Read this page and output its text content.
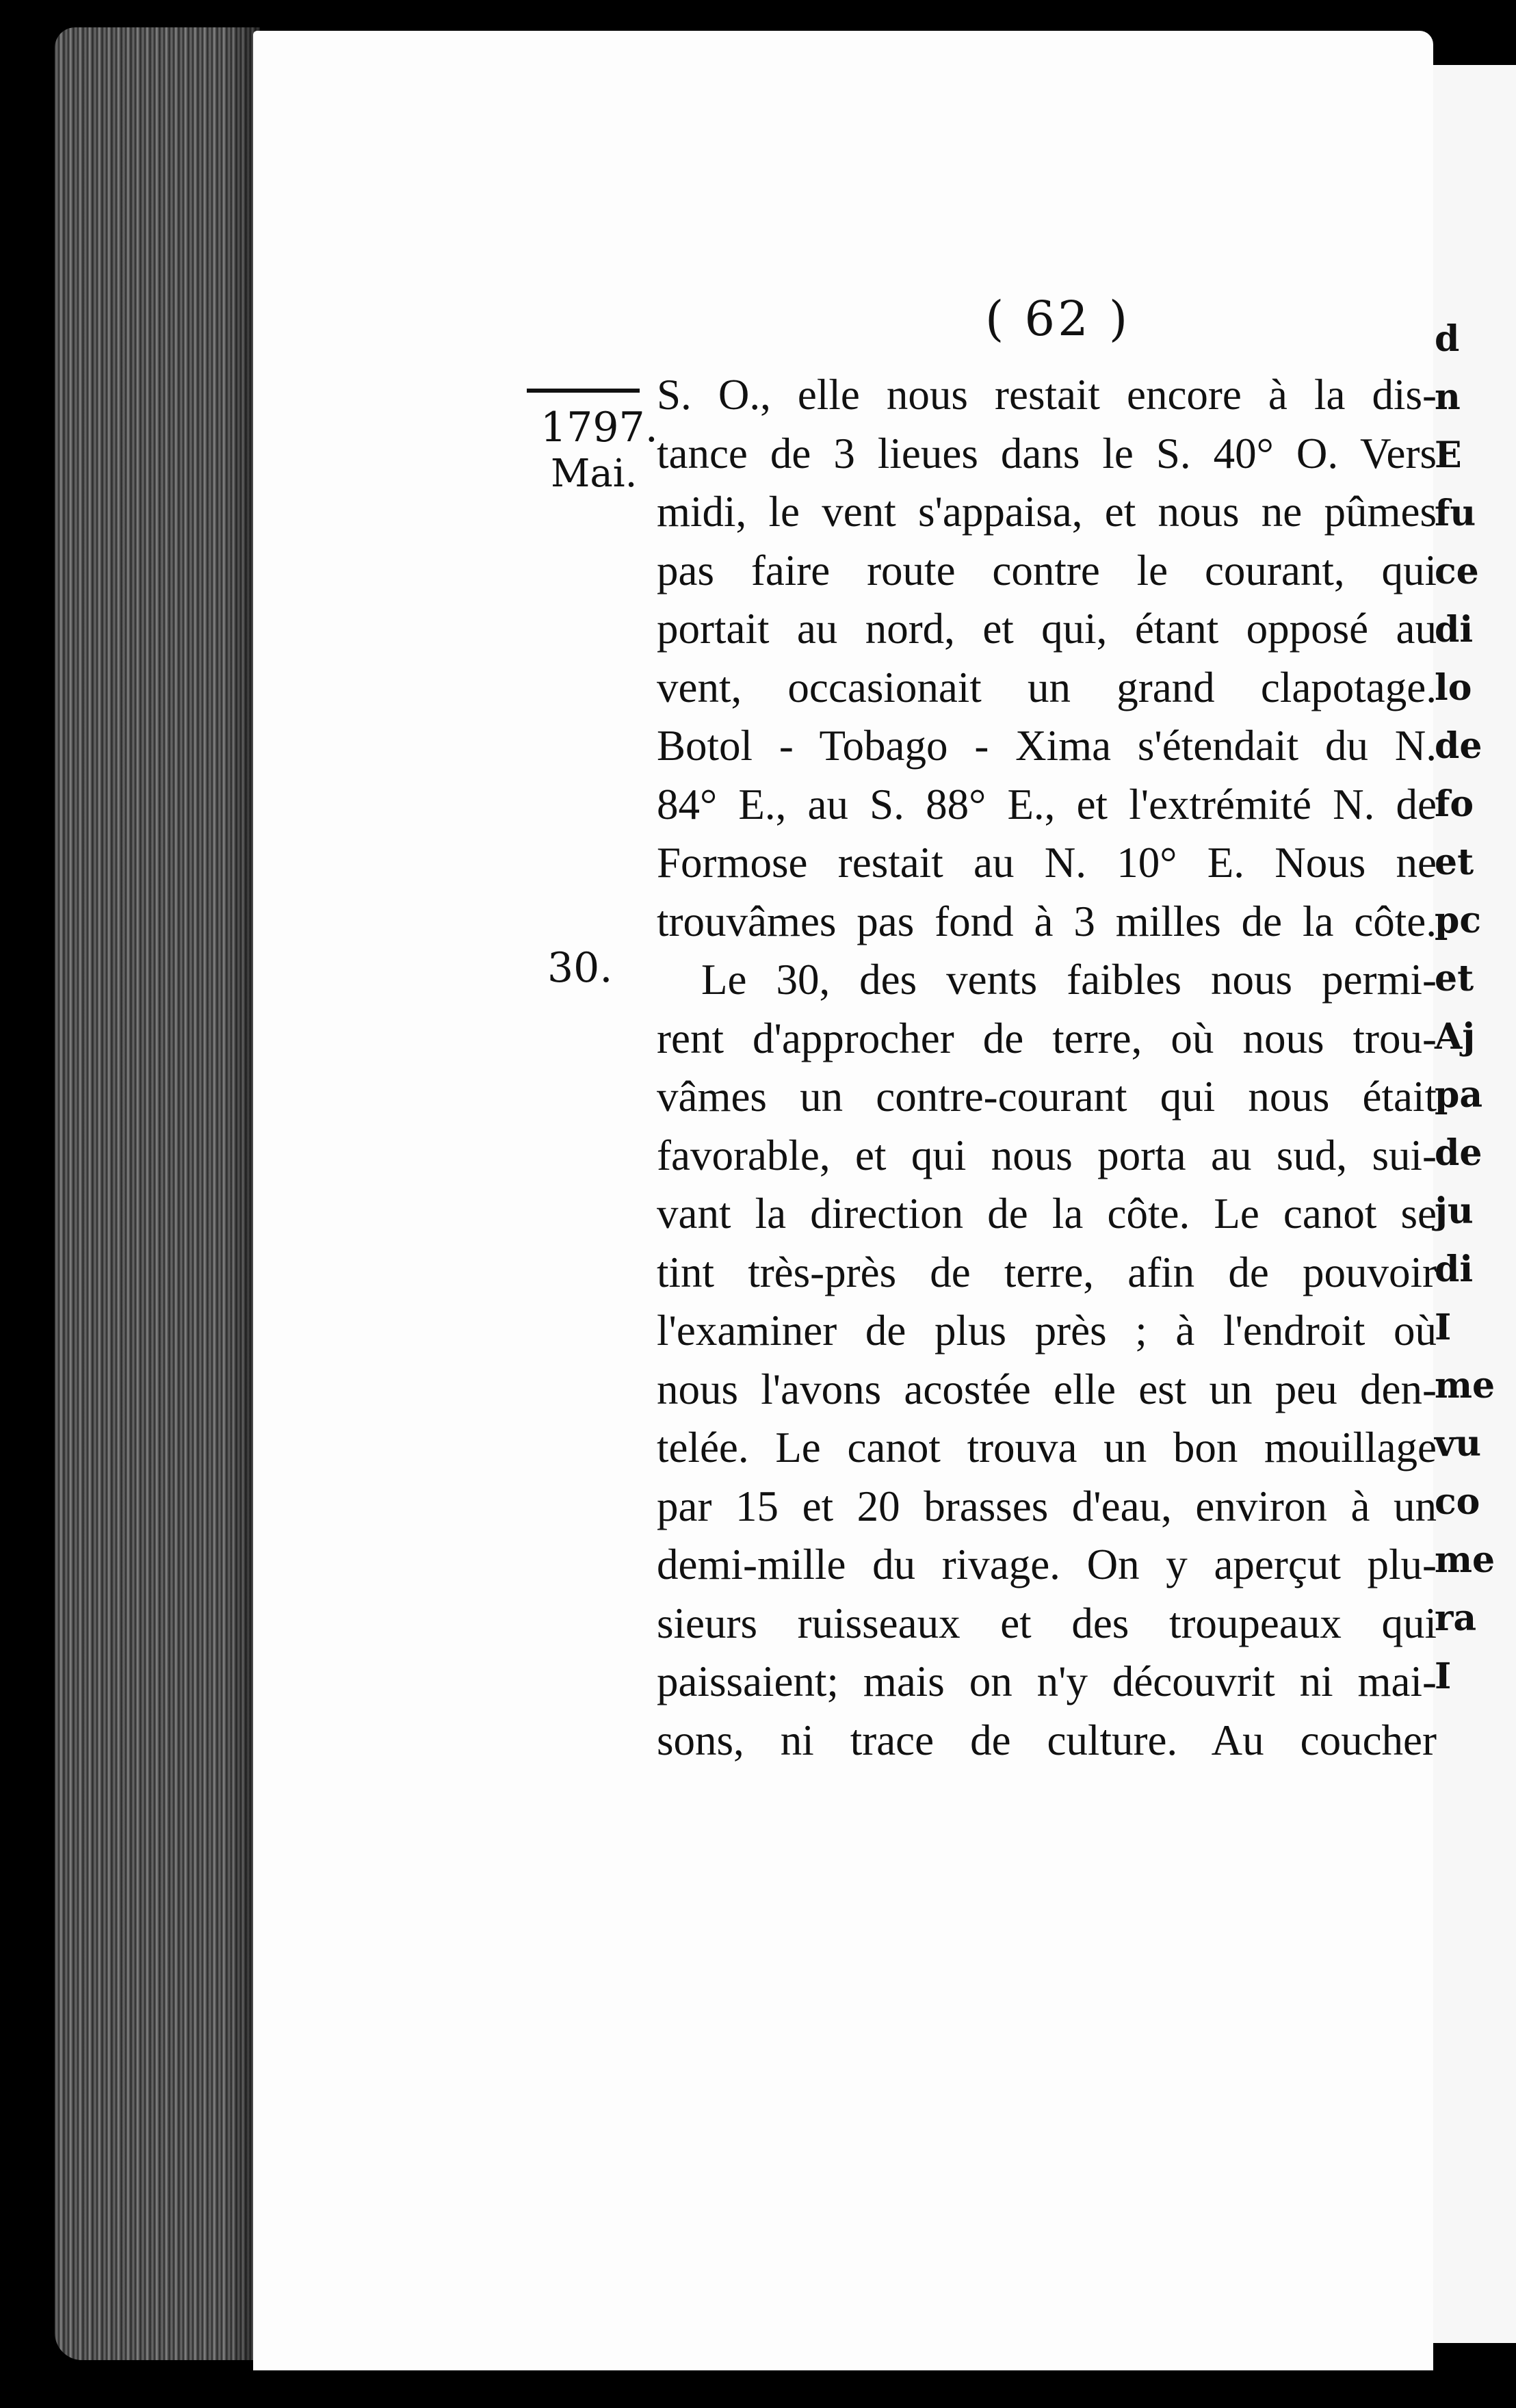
d
n
E
fu
ce
di
lo
de
fo
et
pc
et
Aj
pa
de
ju
di
I
me
vu
co
me
ra
I
( 62 )
1797.
Mai.
30.
S. O., elle nous restait encore à la dis-
tance de 3 lieues dans le S. 40° O. Vers
midi, le vent s'appaisa, et nous ne pûmes
pas faire route contre le courant, qui
portait au nord, et qui, étant opposé au
vent, occasionait un grand clapotage.
Botol - Tobago - Xima s'étendait du N.
84° E., au S. 88° E., et l'extrémité N. de
Formose restait au N. 10° E. Nous ne
trouvâmes pas fond à 3 milles de la côte.
Le 30, des vents faibles nous permi-
rent d'approcher de terre, où nous trou-
vâmes un contre-courant qui nous était
favorable, et qui nous porta au sud, sui-
vant la direction de la côte. Le canot se
tint très-près de terre, afin de pouvoir
l'examiner de plus près ; à l'endroit où
nous l'avons acostée elle est un peu den-
telée. Le canot trouva un bon mouillage
par 15 et 20 brasses d'eau, environ à un
demi-mille du rivage. On y aperçut plu-
sieurs ruisseaux et des troupeaux qui
paissaient; mais on n'y découvrit ni mai-
sons, ni trace de culture. Au coucher
